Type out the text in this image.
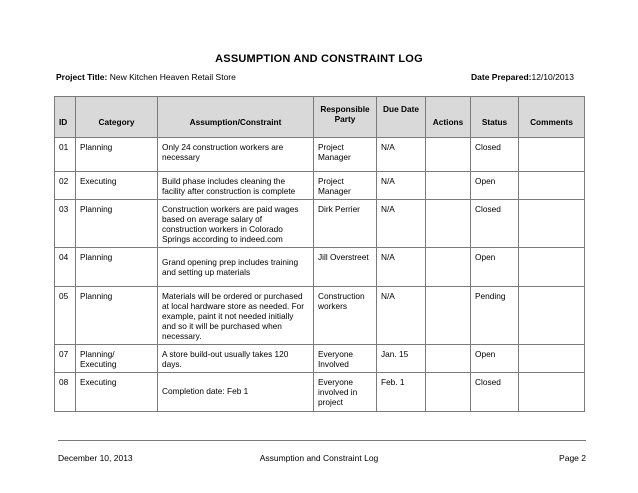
ASSUMPTION AND CONSTRAINT LOG
Project Title: New Kitchen Heaven Retail Store	Date Prepared:12/10/2013
ID	Category	Assumption/Constraint	Responsible Party	Due Date	Actions	Status	Comments
01	Planning	Only 24 construction workers are necessary	Project Manager	N/A		Closed	
02	Executing	Build phase includes cleaning the facility after construction is complete	Project Manager	N/A		Open	
03	Planning	Construction workers are paid wages based on average salary of construction workers in Colorado Springs according to indeed.com	Dirk Perrier	N/A		Closed	
04	Planning	Grand opening prep includes training and setting up materials	Jill Overstreet	N/A		Open	
05	Planning	Materials will be ordered or purchased at local hardware store as needed. For example, paint it not needed initially and so it will be purchased when necessary.	Construction workers	N/A		Pending	
07	Planning/ Executing	A store build-out usually takes 120 days.	Everyone Involved	Jan. 15		Open	
08	Executing	Completion date: Feb 1	Everyone involved in project	Feb. 1		Closed	
December 10, 2013	Assumption and Constraint Log	Page 2
